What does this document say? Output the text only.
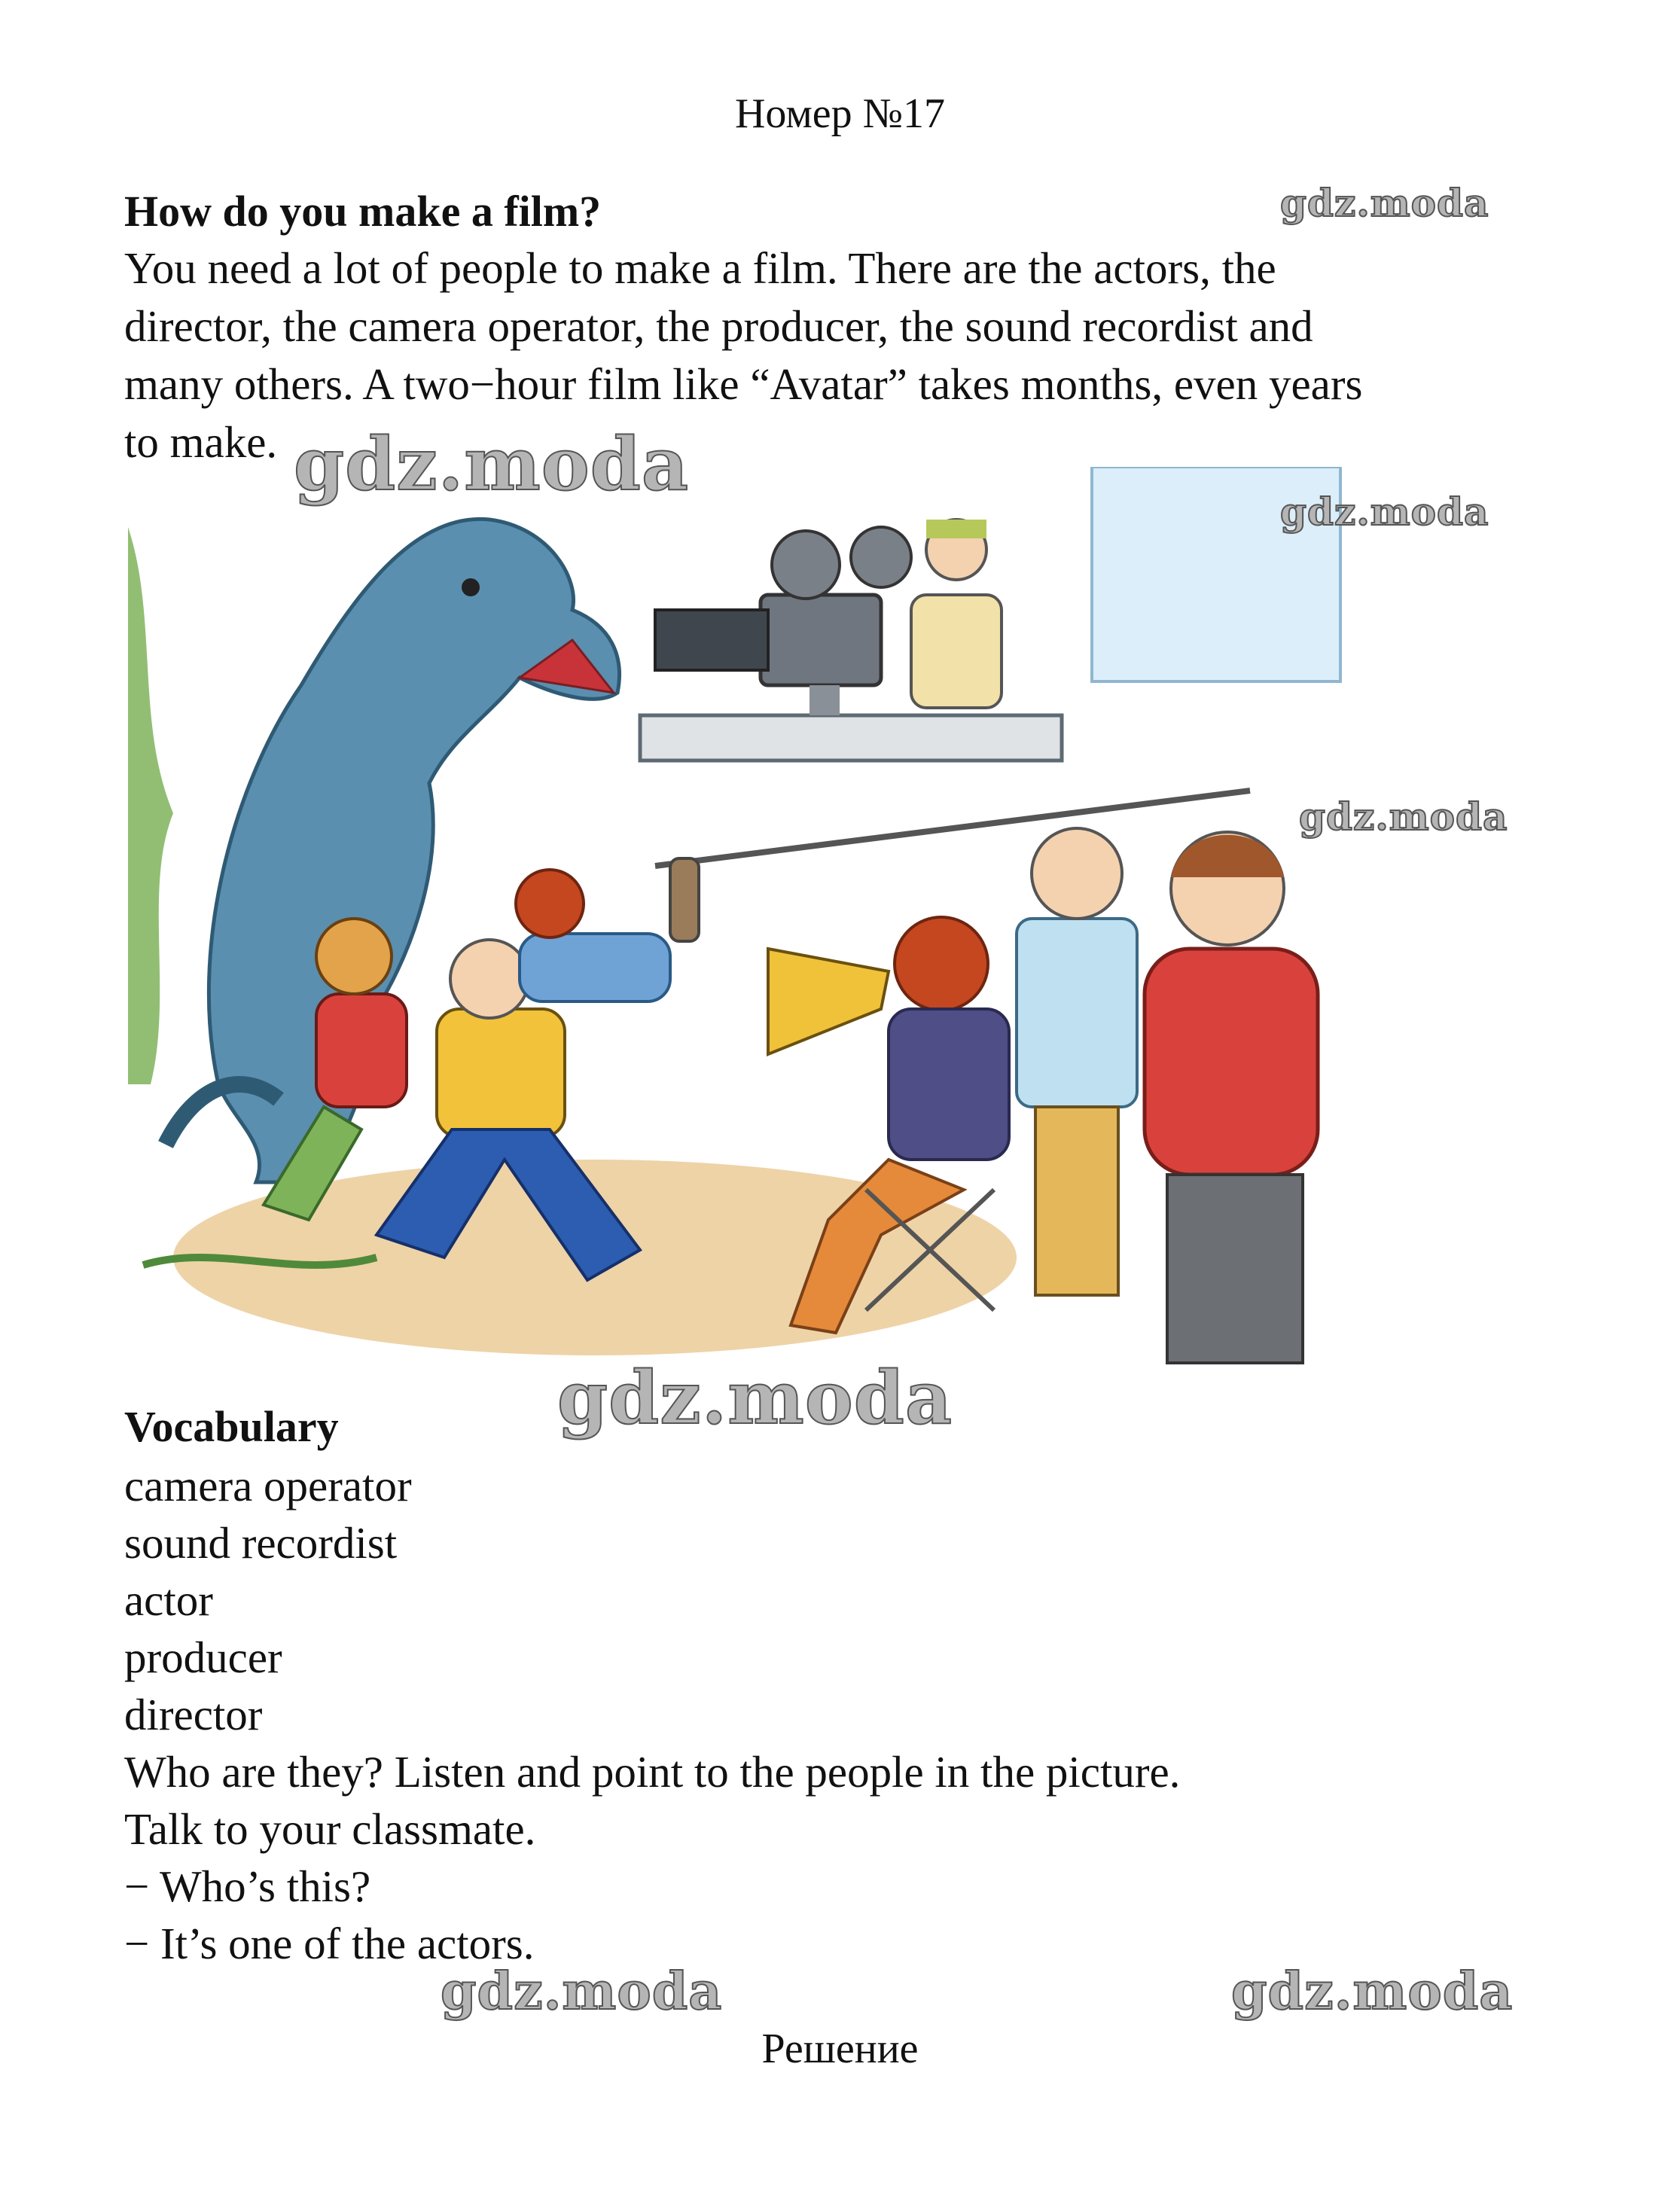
Номер №17
How do you make a film?
You need a lot of people to make a film. There are the actors, the
director, the camera operator, the producer, the sound recordist and
many others. A two−hour film like “Avatar” takes months, even years
to make.
Vocabulary
camera operator
sound recordist
actor
producer
director
Who are they? Listen and point to the people in the picture.
Talk to your classmate.
− Who’s this?
− It’s one of the actors.
Решение
gdz.moda
gdz.moda
gdz.moda
gdz.moda
gdz.moda
gdz.moda	gdz.moda
